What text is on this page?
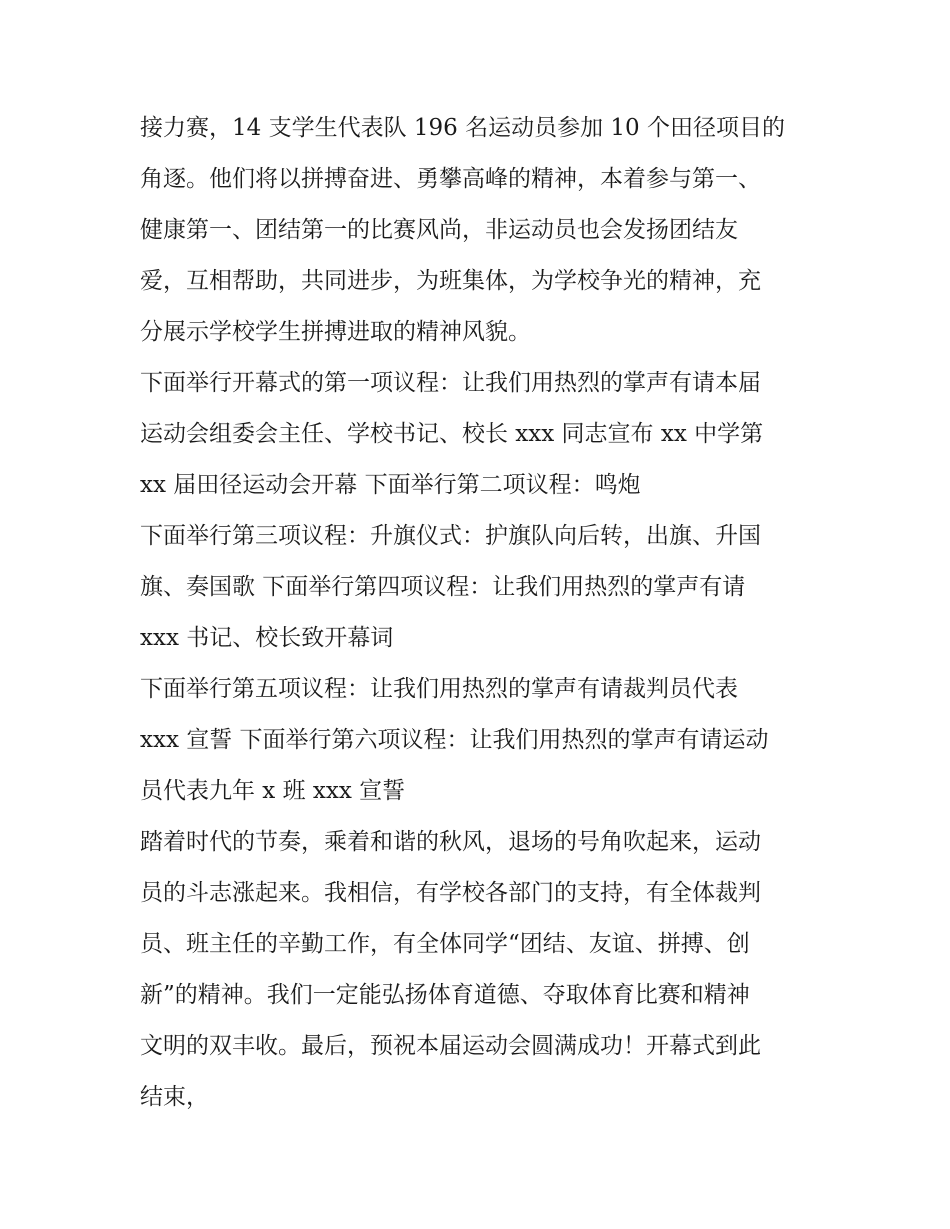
接力赛，14 支学生代表队 196 名运动员参加 10 个田径项目的
角逐。他们将以拼搏奋进、勇攀高峰的精神，本着参与第一、
健康第一、团结第一的比赛风尚，非运动员也会发扬团结友
爱，互相帮助，共同进步，为班集体，为学校争光的精神，充
分展示学校学生拼搏进取的精神风貌。
下面举行开幕式的第一项议程：让我们用热烈的掌声有请本届
运动会组委会主任、学校书记、校长 xxx 同志宣布 xx 中学第
xx 届田径运动会开幕 下面举行第二项议程：鸣炮
下面举行第三项议程：升旗仪式：护旗队向后转，出旗、升国
旗、奏国歌 下面举行第四项议程：让我们用热烈的掌声有请
xxx 书记、校长致开幕词
下面举行第五项议程：让我们用热烈的掌声有请裁判员代表
xxx 宣誓 下面举行第六项议程：让我们用热烈的掌声有请运动
员代表九年 x 班 xxx 宣誓
踏着时代的节奏，乘着和谐的秋风，退场的号角吹起来，运动
员的斗志涨起来。我相信，有学校各部门的支持，有全体裁判
员、班主任的辛勤工作，有全体同学“团结、友谊、拼搏、创
新”的精神。我们一定能弘扬体育道德、夺取体育比赛和精神
文明的双丰收。最后，预祝本届运动会圆满成功！开幕式到此
结束，
